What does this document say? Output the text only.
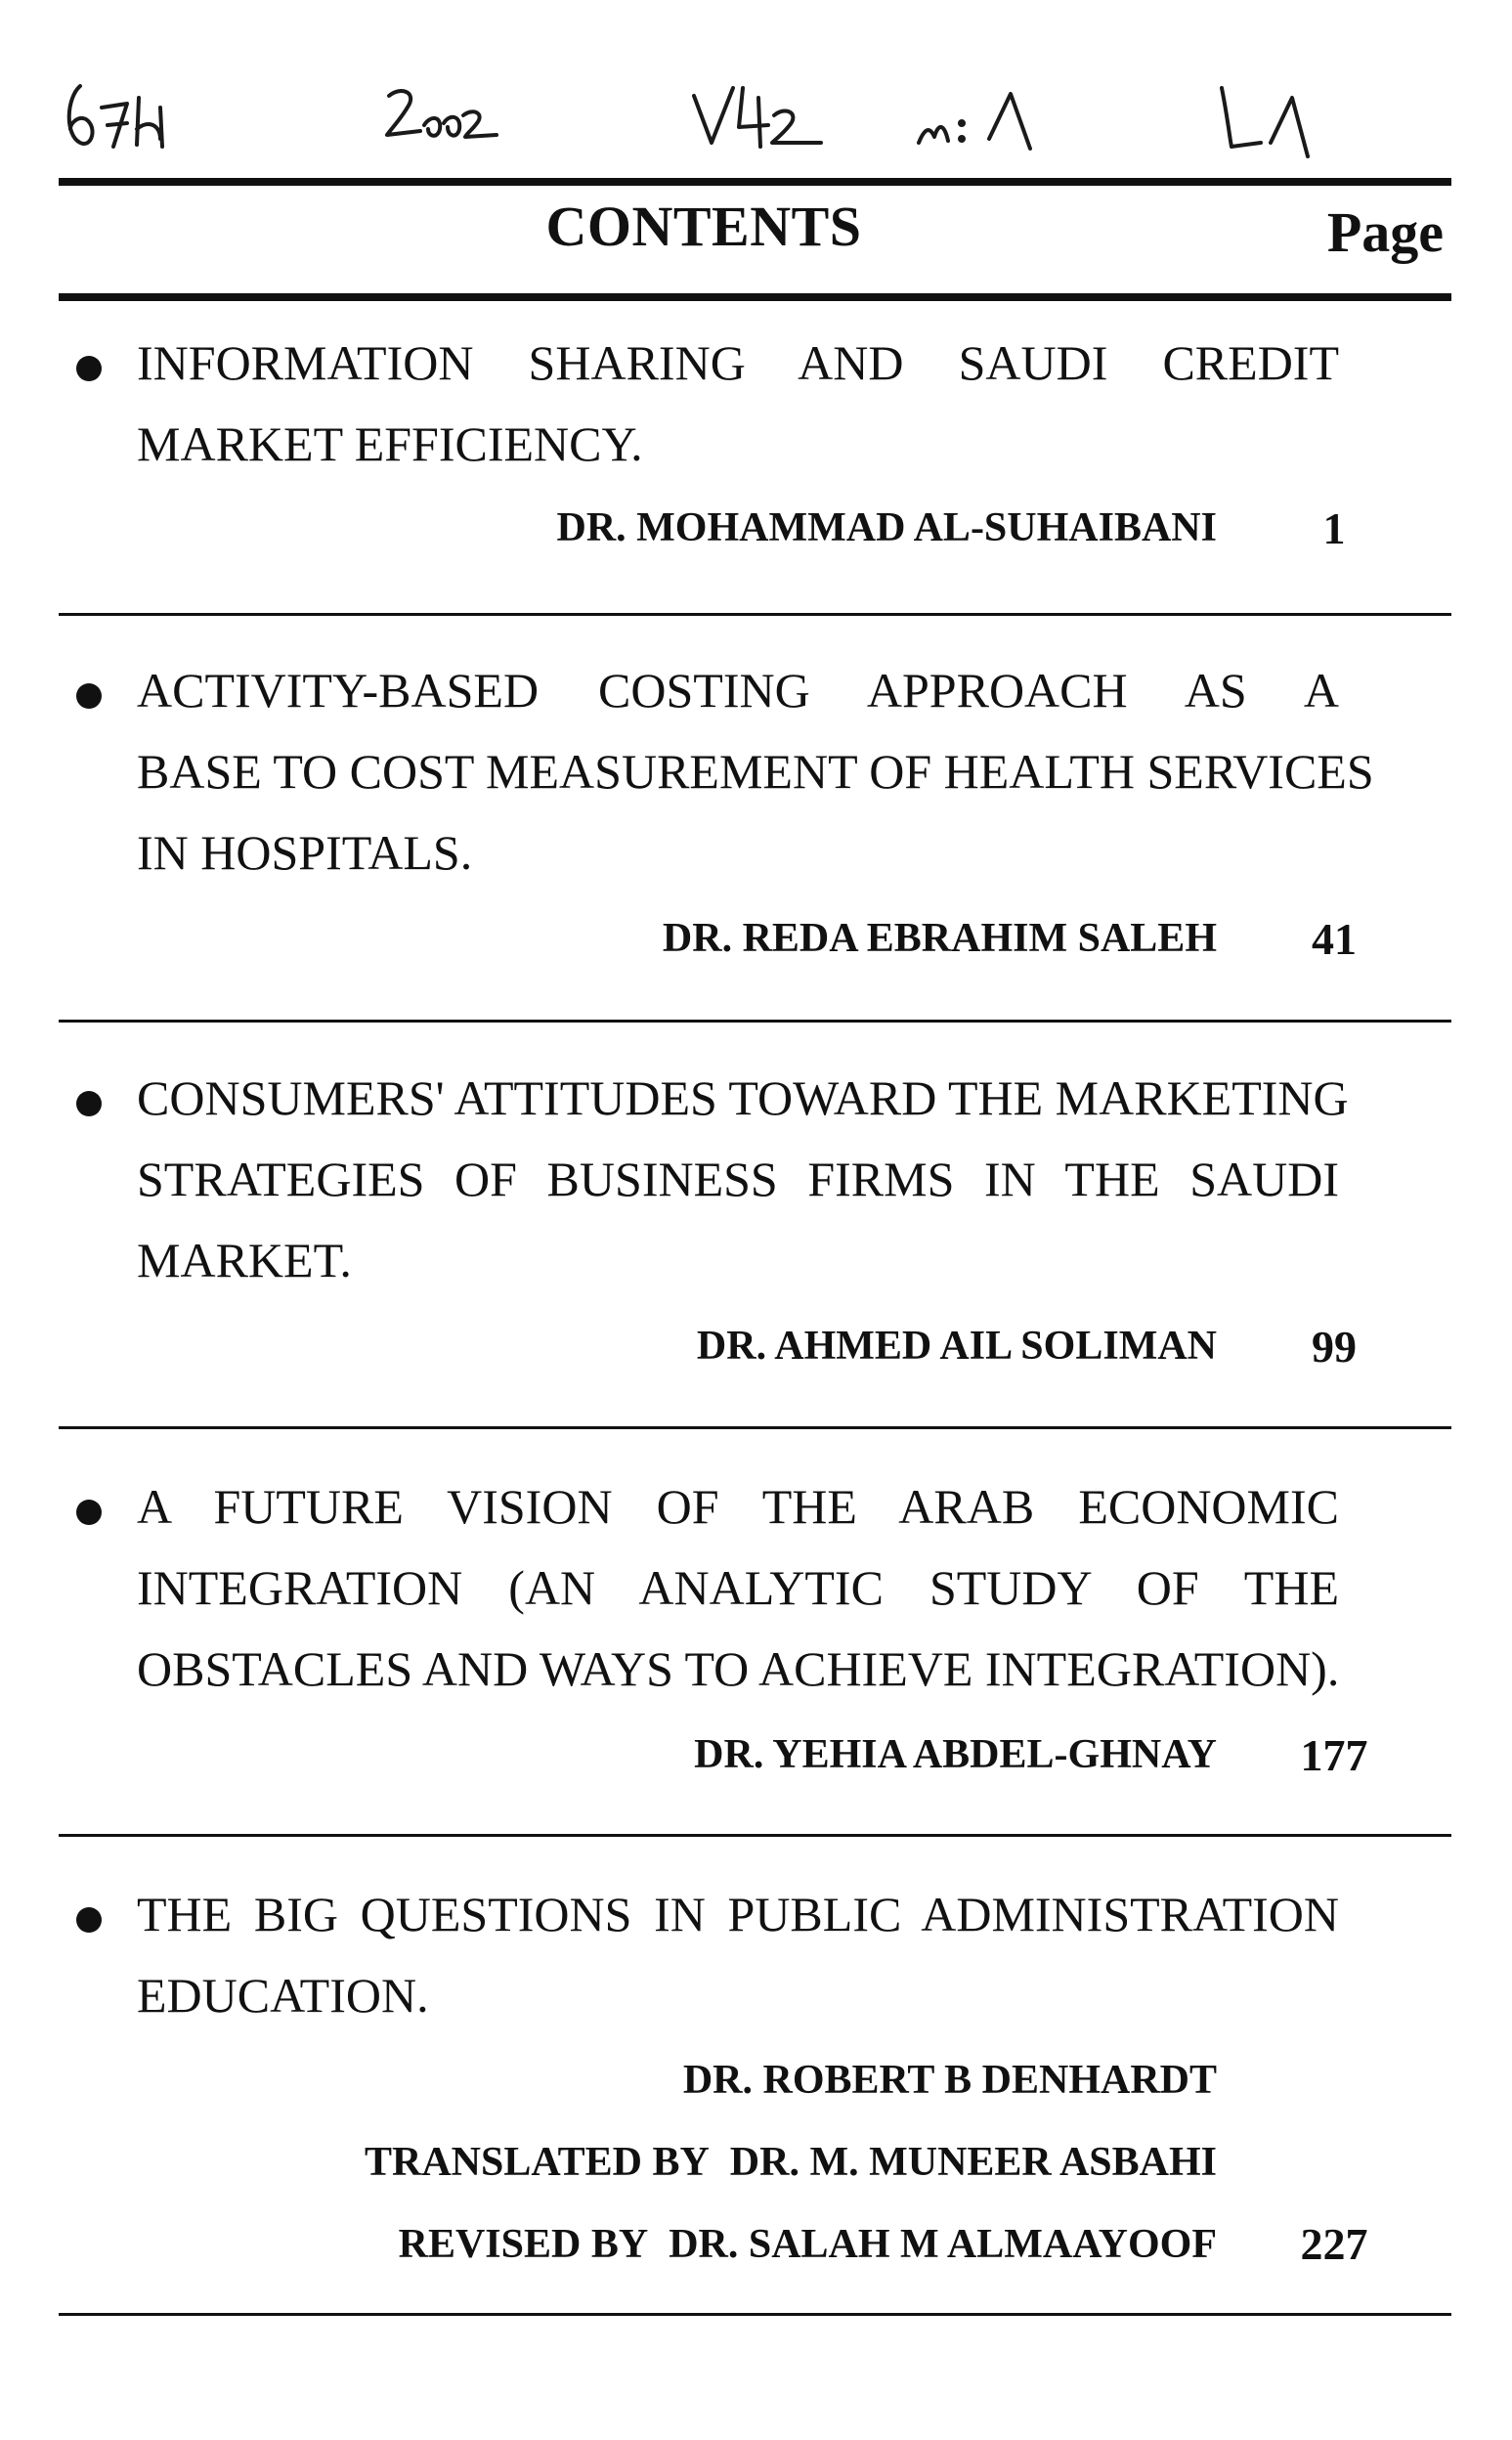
CONTENTS	Page
INFORMATION SHARING AND SAUDI CREDIT
MARKET EFFICIENCY.
DR. MOHAMMAD AL-SUHAIBANI	1
ACTIVITY-BASED COSTING APPROACH AS A
BASE TO COST MEASUREMENT OF HEALTH SERVICES
IN HOSPITALS.
DR. REDA EBRAHIM SALEH	41
CONSUMERS' ATTITUDES TOWARD THE MARKETING
STRATEGIES OF BUSINESS FIRMS IN THE SAUDI
MARKET.
DR. AHMED AIL SOLIMAN	99
A FUTURE VISION OF THE ARAB ECONOMIC
INTEGRATION (AN ANALYTIC STUDY OF THE
OBSTACLES AND WAYS TO ACHIEVE INTEGRATION).
DR. YEHIA ABDEL-GHNAY	177
THE BIG QUESTIONS IN PUBLIC ADMINISTRATION
EDUCATION.
DR. ROBERT B DENHARDT
TRANSLATED BY DR. M. MUNEER ASBAHI
REVISED BY DR. SALAH M ALMAAYOOF	227
